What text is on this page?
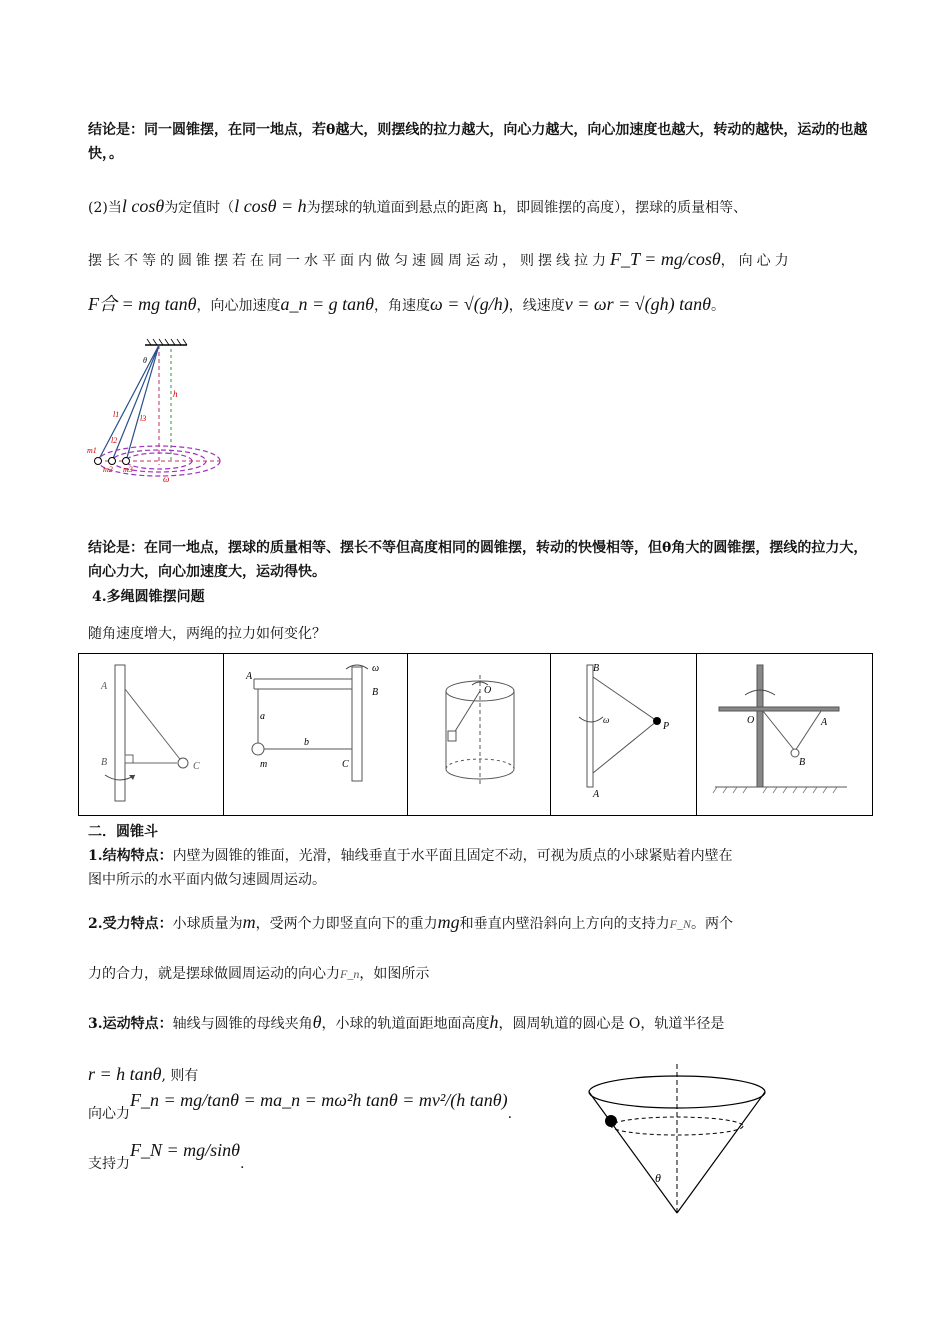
结论是：同一圆锥摆，在同一地点，若θ越大，则摆线的拉力越大，向心力越大，向心加速度也越大，转动的越快，运动的也越快，。
(2)当l cosθ为定值时（l cosθ = h为摆球的轨道面到悬点的距离 h，即圆锥摆的高度），摆球的质量相等、
摆长不等的圆锥摆若在同一水平面内做匀速圆周运动，则摆线拉力F_T = mg/cosθ，向心力
F合 = mg tanθ，向心加速度a_n = g tanθ，角速度ω = √(g/h)，线速度v = ωr = √(gh) tanθ。
θ
h
l1
l2
l3
m1
m2 m3
ω
结论是：在同一地点，摆球的质量相等、摆长不等但高度相同的圆锥摆，转动的快慢相等，但θ角大的圆锥摆，摆线的拉力大，向心力大，向心加速度大，运动得快。
4.多绳圆锥摆问题
随角速度增大，两绳的拉力如何变化？
A
B	C

A
B
a
b
m	C
ω

O

B
A
P
ω	O	A
B
二．圆锥斗
1.结构特点：内壁为圆锥的锥面，光滑，轴线垂直于水平面且固定不动，可视为质点的小球紧贴着内壁在
图中所示的水平面内做匀速圆周运动。
2.受力特点：小球质量为m，受两个力即竖直向下的重力mg和垂直内壁沿斜向上方向的支持力F_N。两个
力的合力，就是摆球做圆周运动的向心力F_n，如图所示
3.运动特点：轴线与圆锥的母线夹角θ，小球的轨道面距地面高度h，圆周轨道的圆心是 O，轨道半径是
r = h tanθ, 则有
向心力F_n = mg/tanθ = ma_n = mω²h tanθ = mv²/(h tanθ).
支持力F_N = mg/sinθ.
θ
